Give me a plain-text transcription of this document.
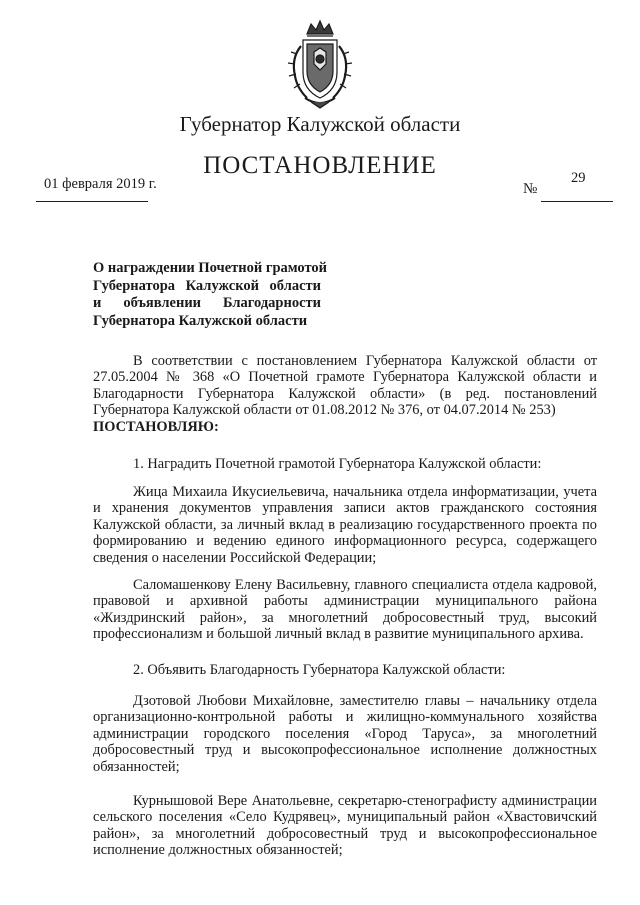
Губернатор Калужской области
ПОСТАНОВЛЕНИЕ
01 февраля 2019 г.	№
29
О награждении Почетной грамотой
Губернатора Калужской области
и объявлении Благодарности
Губернатора Калужской области
В соответствии с постановлением Губернатора Калужской области от 27.05.2004 № 368 «О Почетной грамоте Губернатора Калужской области и Благодарности Губернатора Калужской области» (в ред. постановлений Губернатора Калужской области от 01.08.2012 № 376, от 04.07.2014 № 253)
ПОСТАНОВЛЯЮ:
1. Наградить Почетной грамотой Губернатора Калужской области:
Жица Михаила Икусиельевича, начальника отдела информатизации, учета и хранения документов управления записи актов гражданского состояния Калужской области, за личный вклад в реализацию государственного проекта по формированию и ведению единого информационного ресурса, содержащего сведения о населении Российской Федерации;
Саломашенкову Елену Васильевну, главного специалиста отдела кадровой, правовой и архивной работы администрации муниципального района «Жиздринский район», за многолетний добросовестный труд, высокий профессионализм и большой личный вклад в развитие муниципального архива.
2. Объявить Благодарность Губернатора Калужской области:
Дзотовой Любови Михайловне, заместителю главы – начальнику отдела организационно-контрольной работы и жилищно-коммунального хозяйства администрации городского поселения «Город Таруса», за многолетний добросовестный труд и высокопрофессиональное исполнение должностных обязанностей;
Курнышовой Вере Анатольевне, секретарю-стенографисту администрации сельского поселения «Село Кудрявец», муниципальный район «Хвастовичский район», за многолетний добросовестный труд и высокопрофессиональное исполнение должностных обязанностей;
